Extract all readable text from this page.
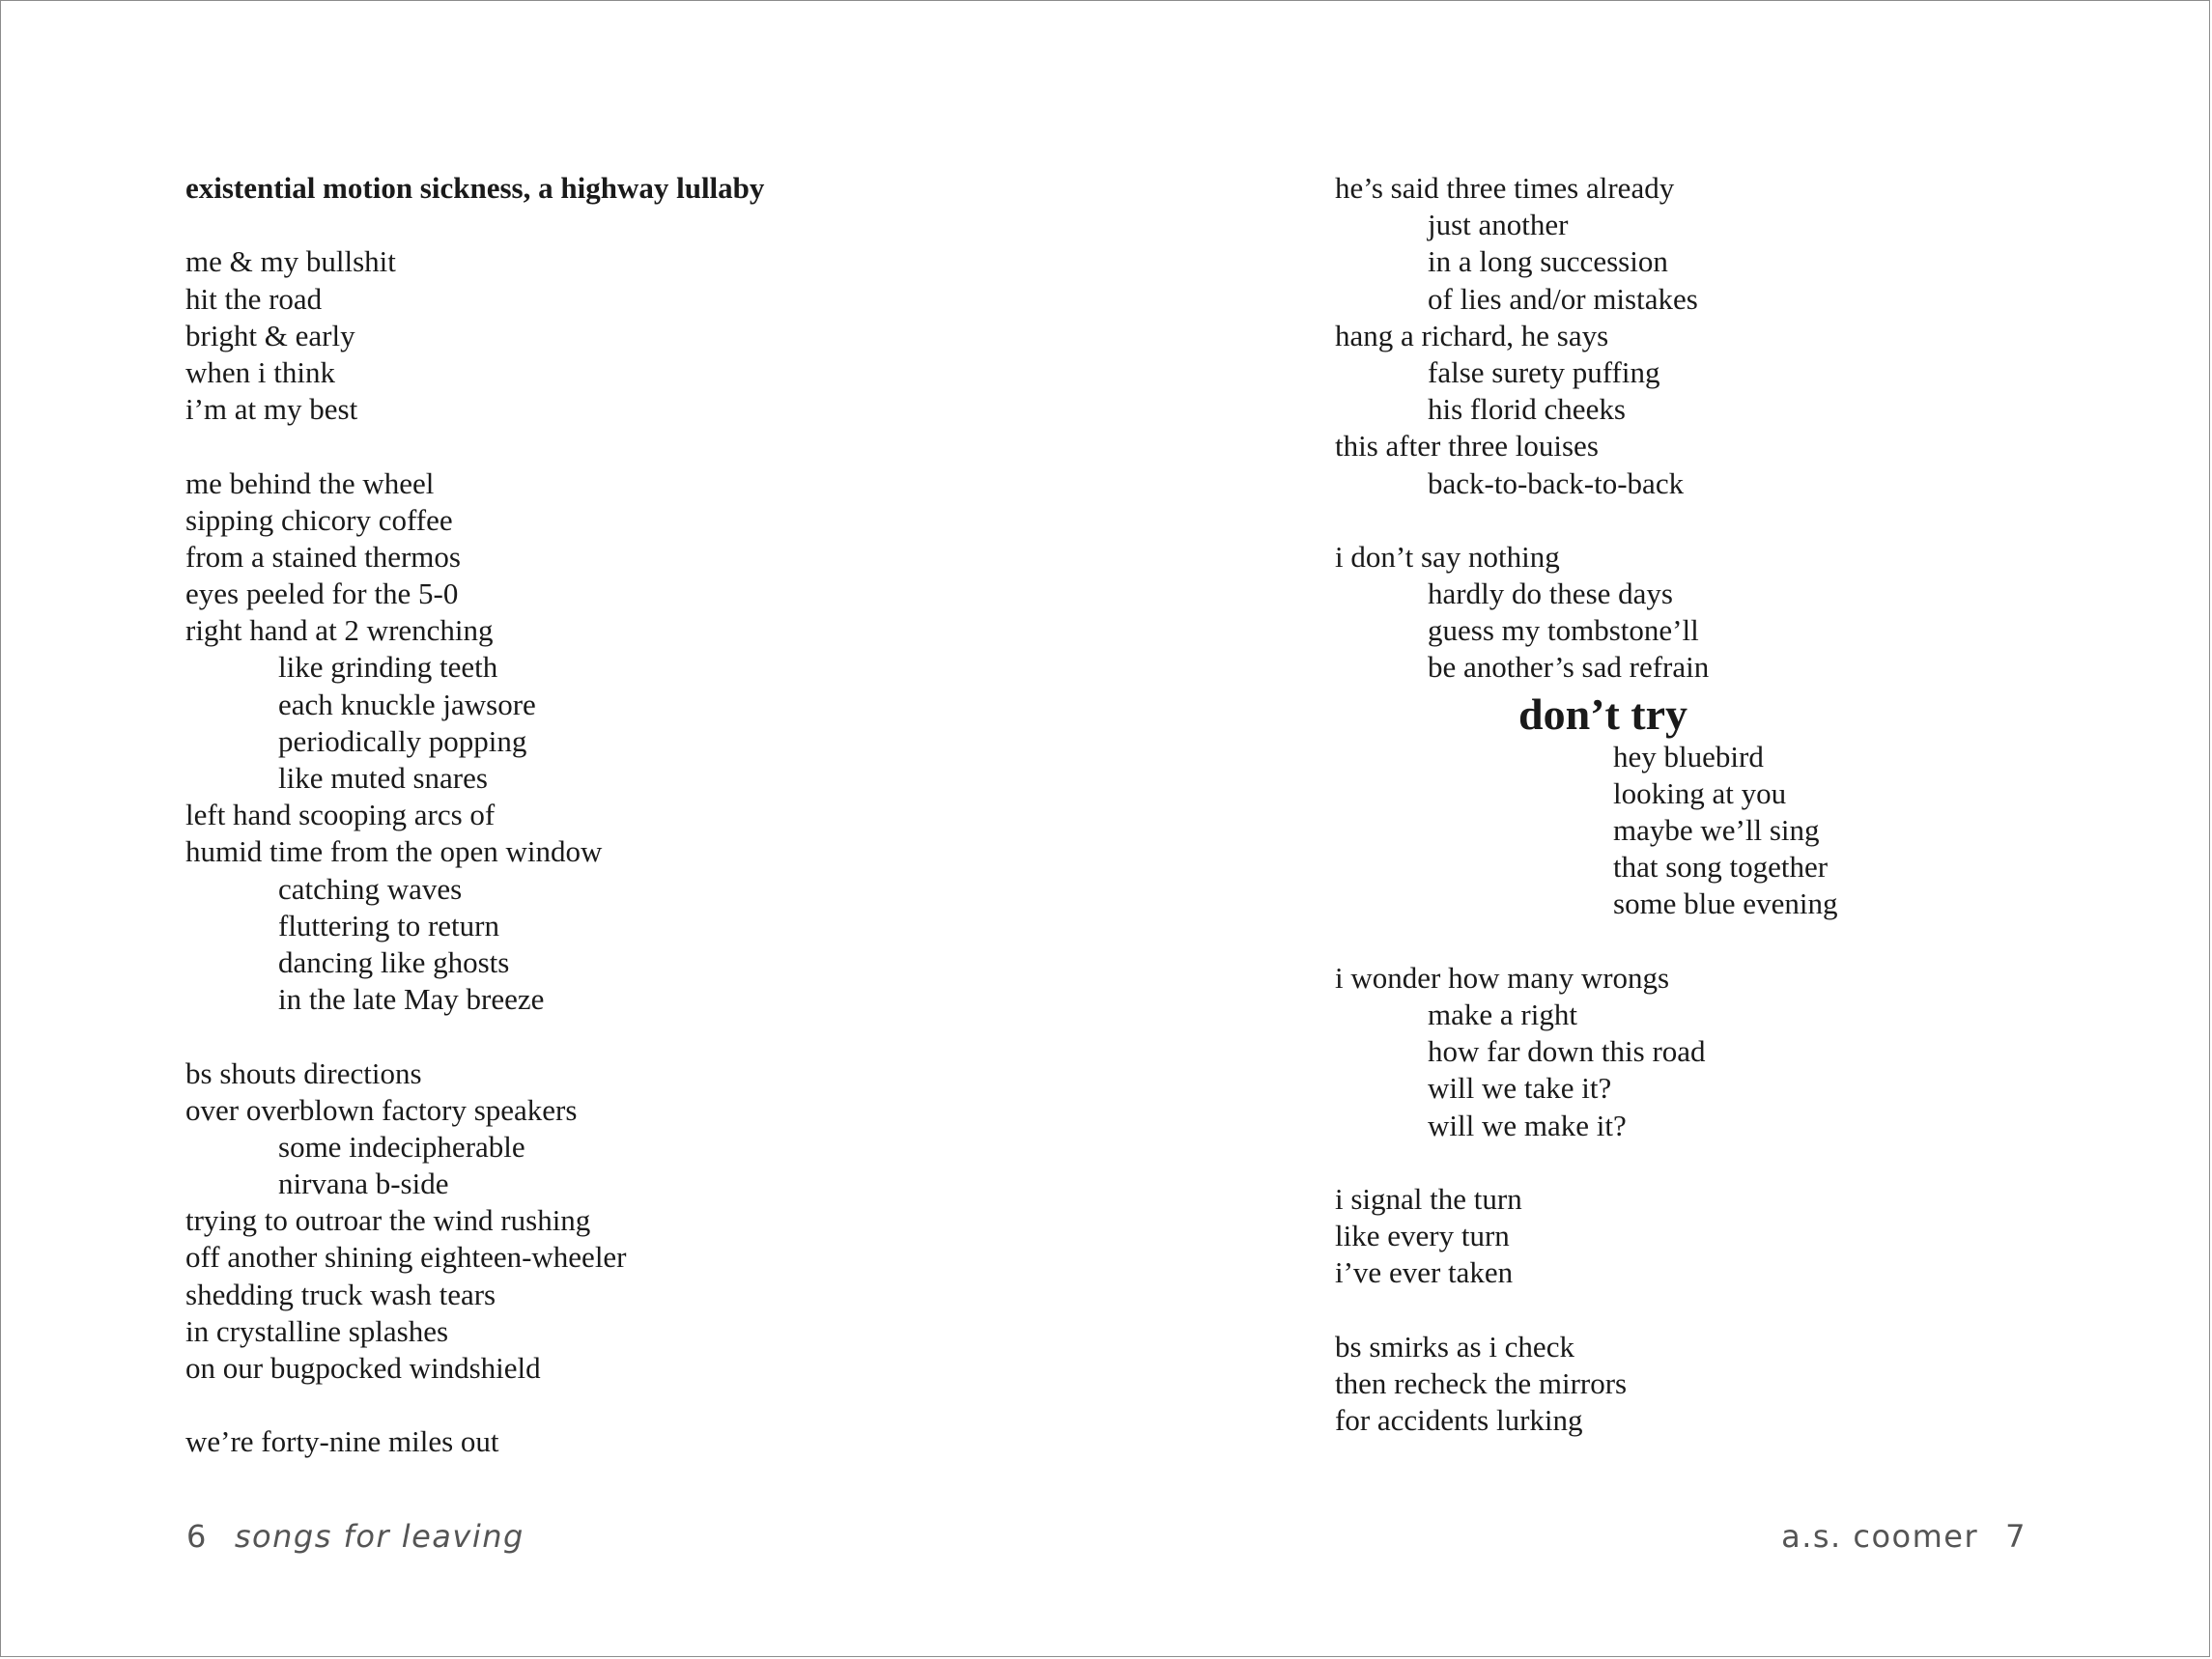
existential motion sickness, a highway lullaby
me & my bullshit
hit the road
bright & early
when i think
i’m at my best
me behind the wheel
sipping chicory coffee
from a stained thermos
eyes peeled for the 5-0
right hand at 2 wrenching
like grinding teeth
each knuckle jawsore
periodically popping
like muted snares
left hand scooping arcs of
humid time from the open window
catching waves
fluttering to return
dancing like ghosts
in the late May breeze
bs shouts directions
over overblown factory speakers
some indecipherable
nirvana b-side
trying to outroar the wind rushing
off another shining eighteen-wheeler
shedding truck wash tears
in crystalline splashes
on our bugpocked windshield
we’re forty-nine miles out
he’s said three times already
just another
in a long succession
of lies and/or mistakes
hang a richard, he says
false surety puffing
his florid cheeks
this after three louises
back-to-back-to-back
i don’t say nothing
hardly do these days
guess my tombstone’ll
be another’s sad refrain
don’t try
hey bluebird
looking at you
maybe we’ll sing
that song together
some blue evening
i wonder how many wrongs
make a right
how far down this road
will we take it?
will we make it?
i signal the turn
like every turn
i’ve ever taken
bs smirks as i check
then recheck the mirrors
for accidents lurking
6 songs for leaving	a.s. coomer 7
